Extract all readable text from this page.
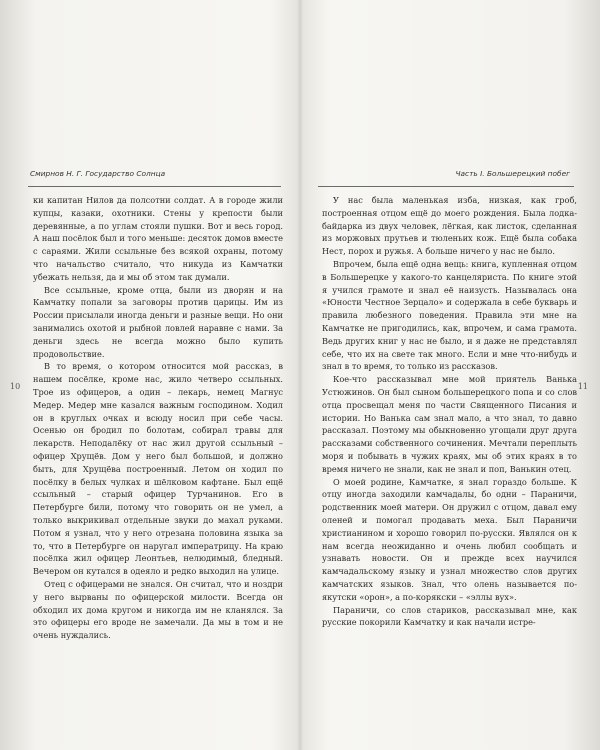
Смирнов Н. Г. Государство Солнца

ки капитан Нилов да полсотни солдат. А в городе жили купцы, казаки, охотники. Стены у крепости были деревянные, а по углам стояли пушки. Вот и весь город. А наш посёлок был и того меньше: десяток домов вместе с сараями. Жили ссыльные без всякой охраны, потому что начальство считало, что никуда из Камчатки убежать нельзя, да и мы об этом так думали.

Все ссыльные, кроме отца, были из дворян и на Камчатку попали за заговоры против царицы. Им из России присылали иногда деньги и разные вещи. Но они занимались охотой и рыбной ловлей наравне с нами. За деньги здесь не всегда можно было купить продовольствие.

В то время, о котором относится мой рассказ, в нашем посёлке, кроме нас, жило четверо ссыльных. Трое из офицеров, а один – лекарь, немец Магнус Медер. Медер мне казался важным господином. Ходил он в круглых очках и всюду носил при себе часы. Осенью он бродил по болотам, собирал травы для лекарств. Неподалёку от нас жил другой ссыльный – офицер Хрущёв. Дом у него был большой, и должно быть, для Хрущёва построенный. Летом он ходил по посёлку в белых чулках и шёлковом кафтане. Был ещё ссыльный – старый офицер Турчанинов. Его в Петербурге били, потому что говорить он не умел, а только выкрикивал отдельные звуки до махал руками. Потом я узнал, что у него отрезана половина языка за то, что в Петербурге он наругал императрицу. На краю посёлка жил офицер Леонтьев, нелюдимый, бледный. Вечером он кутался в одеяло и редко выходил на улице.

Отец с офицерами не знался. Он считал, что и ноздри у него вырваны по офицерской милости. Всегда он обходил их дома кругом и никогда им не кланялся. За это офицеры его вроде не замечали. Да мы в том и не очень нуждались.

10
Часть I. Большерецкий побег

У нас была маленькая изба, низкая, как гроб, построенная отцом ещё до моего рождения. Была лодка-байдарка из двух человек, лёгкая, как листок, сделанная из моржовых прутьев и тюленьих кож. Ещё была собака Нест, порох и ружья. А больше ничего у нас не было.

Впрочем, была ещё одна вещь: книга, купленная отцом в Большерецке у какого-то канцеляриста. По книге этой я учился грамоте и знал её наизусть. Называлась она «Юности Честное Зерцало» и содержала в себе букварь и правила любезного поведения. Правила эти мне на Камчатке не пригодились, как, впрочем, и сама грамота. Ведь других книг у нас не было, и я даже не представлял себе, что их на свете так много. Если и мне что-нибудь и знал в то время, то только из рассказов.

Кое-что рассказывал мне мой приятель Ванька Устюжинов. Он был сыном большерецкого попа и со слов отца просвещал меня по части Священного Писания и истории. Но Ванька сам знал мало, а что знал, то давно рассказал. Поэтому мы обыкновенно угощали друг друга рассказами собственного сочинения. Мечтали переплыть моря и побывать в чужих краях, мы об этих краях в то время ничего не знали, как не знал и поп, Ванькин отец.

О моей родине, Камчатке, я знал гораздо больше. К отцу иногда заходили камчадалы, бо одни – Параничи, родственник моей матери. Он дружил с отцом, давал ему оленей и помогал продавать меха. Был Параничи христианином и хорошо говорил по-русски. Являлся он к нам всегда неожиданно и очень любил сообщать и узнавать новости. Он и прежде всех научился камчадальскому языку и узнал множество слов других камчатских языков. Знал, что олень называется по-якутски «орон», а по-корякски – «эллы вух».

Параничи, со слов стариков, рассказывал мне, как русские покорили Камчатку и как начали истре-

11
